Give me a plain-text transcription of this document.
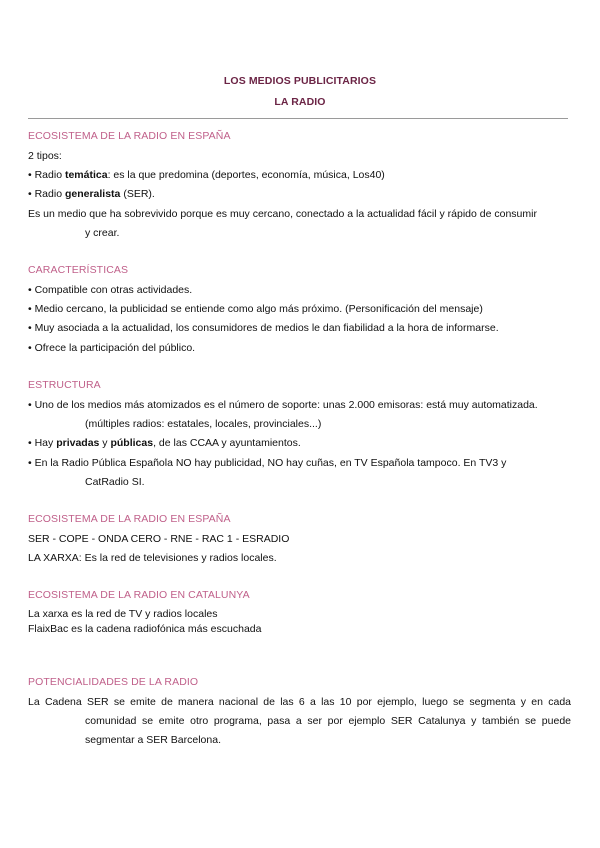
LOS MEDIOS PUBLICITARIOS
LA RADIO
ECOSISTEMA DE LA RADIO EN ESPAÑA
2 tipos:
• Radio temática: es la que predomina (deportes, economía, música, Los40)
• Radio generalista (SER).
Es un medio que ha sobrevivido porque es muy cercano, conectado a la actualidad fácil y rápido de consumir
y crear.
CARACTERÍSTICAS
• Compatible con otras actividades.
• Medio cercano, la publicidad se entiende como algo más próximo. (Personificación del mensaje)
• Muy asociada a la actualidad, los consumidores de medios le dan fiabilidad a la hora de informarse.
• Ofrece la participación del público.
ESTRUCTURA
• Uno de los medios más atomizados es el número de soporte: unas 2.000 emisoras: está muy automatizada.
(múltiples radios: estatales, locales, provinciales...)
• Hay privadas y públicas, de las CCAA y ayuntamientos.
• En la Radio Pública Española NO hay publicidad, NO hay cuñas, en TV Española tampoco. En TV3 y
CatRadio SI.
ECOSISTEMA DE LA RADIO EN ESPAÑA
SER - COPE - ONDA CERO - RNE - RAC 1 - ESRADIO
LA XARXA: Es la red de televisiones y radios locales.
ECOSISTEMA DE LA RADIO EN CATALUNYA
La xarxa es la red de TV y radios locales
FlaixBac es la cadena radiofónica más escuchada
POTENCIALIDADES DE LA RADIO
La Cadena SER se emite de manera nacional de las 6 a las 10 por ejemplo, luego se segmenta y en cada
comunidad se emite otro programa, pasa a ser por ejemplo SER Catalunya y también se puede
segmentar a SER Barcelona.
